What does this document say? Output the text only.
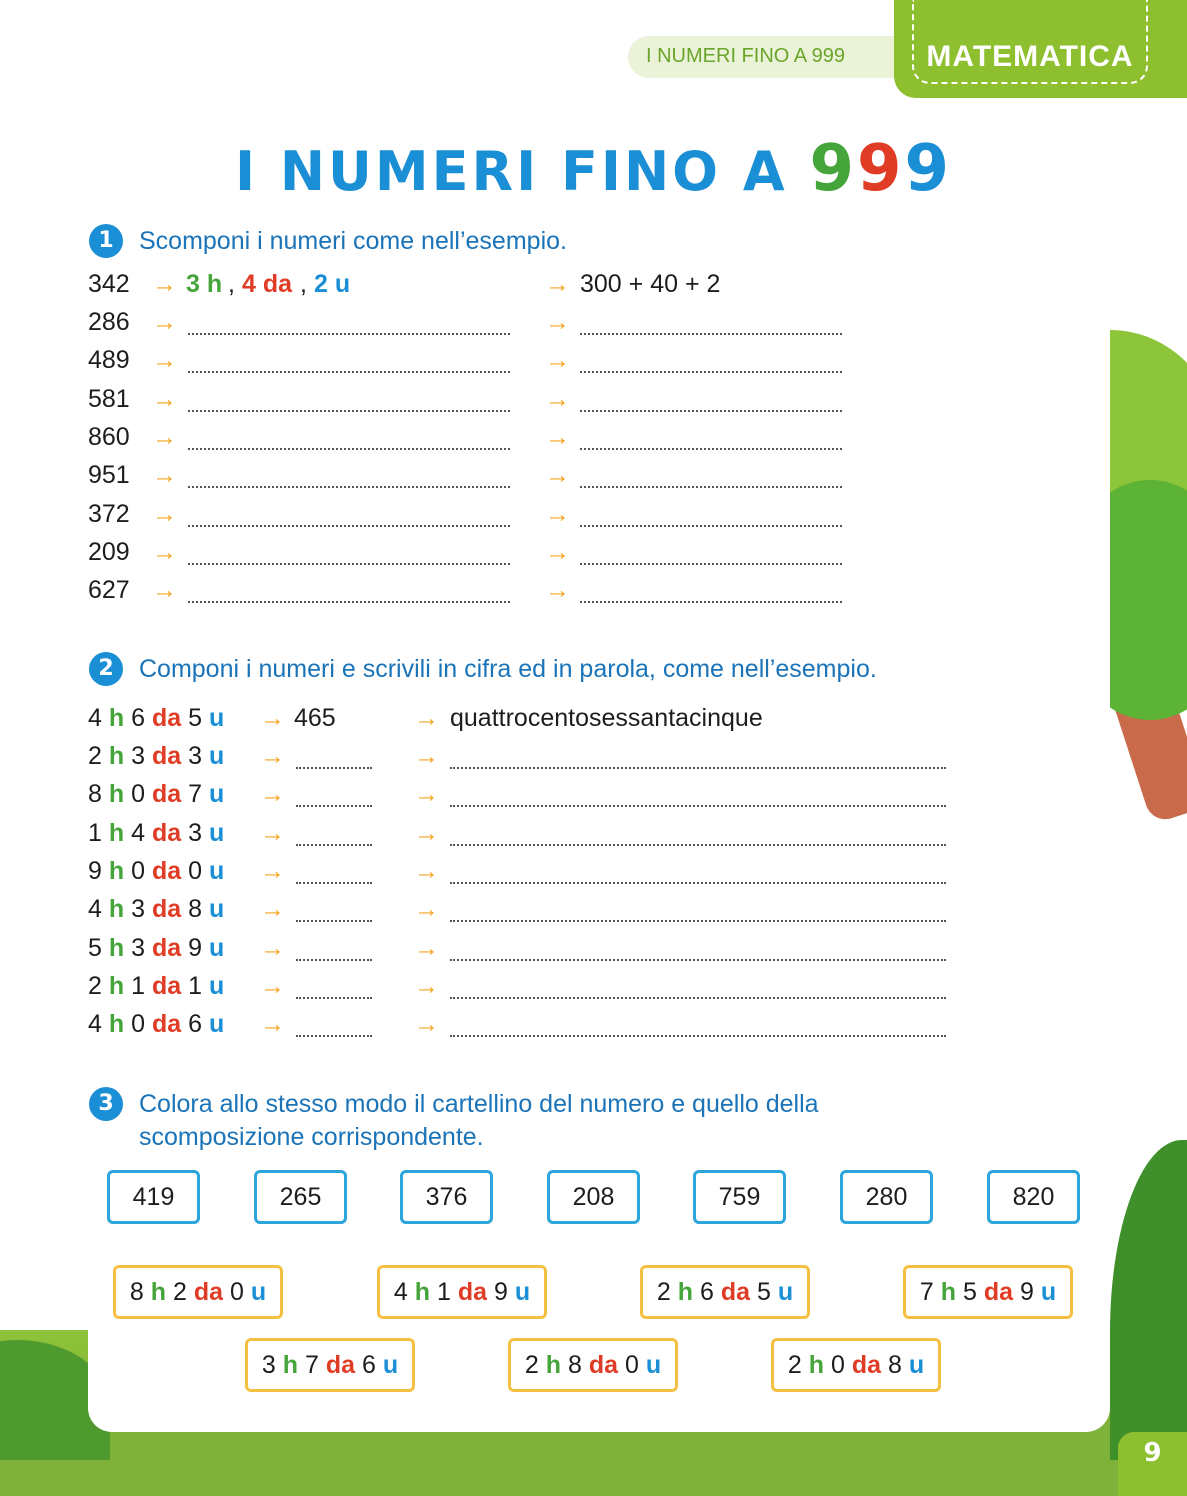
I NUMERI FINO A 999	MATEMATICA
I NUMERI FINO A 999
1	Scomponi i numeri come nell’esempio.
342 → 3 h , 4 da , 2 u	→ 300 + 40 + 2
286 →	→
489 →	→
581 →	→
860 →	→
951 →	→
372 →	→
209 →	→
627 →	→
2	Componi i numeri e scrivili in cifra ed in parola, come nell’esempio.
4 h 6 da 5 u → 465	→ quattrocentosessantacinque
2 h 3 da 3 u →	→
8 h 0 da 7 u →	→
1 h 4 da 3 u →	→
9 h 0 da 0 u →	→
4 h 3 da 8 u →	→
5 h 3 da 9 u →	→
2 h 1 da 1 u →	→
4 h 0 da 6 u →	→
3	Colora allo stesso modo il cartellino del numero e quello della
scomposizione corrispondente.
419	265	376	208	759	280	820
8 h 2 da 0 u	4 h 1 da 9 u	2 h 6 da 5 u	7 h 5 da 9 u
3 h 7 da 6 u	2 h 8 da 0 u	2 h 0 da 8 u
9
